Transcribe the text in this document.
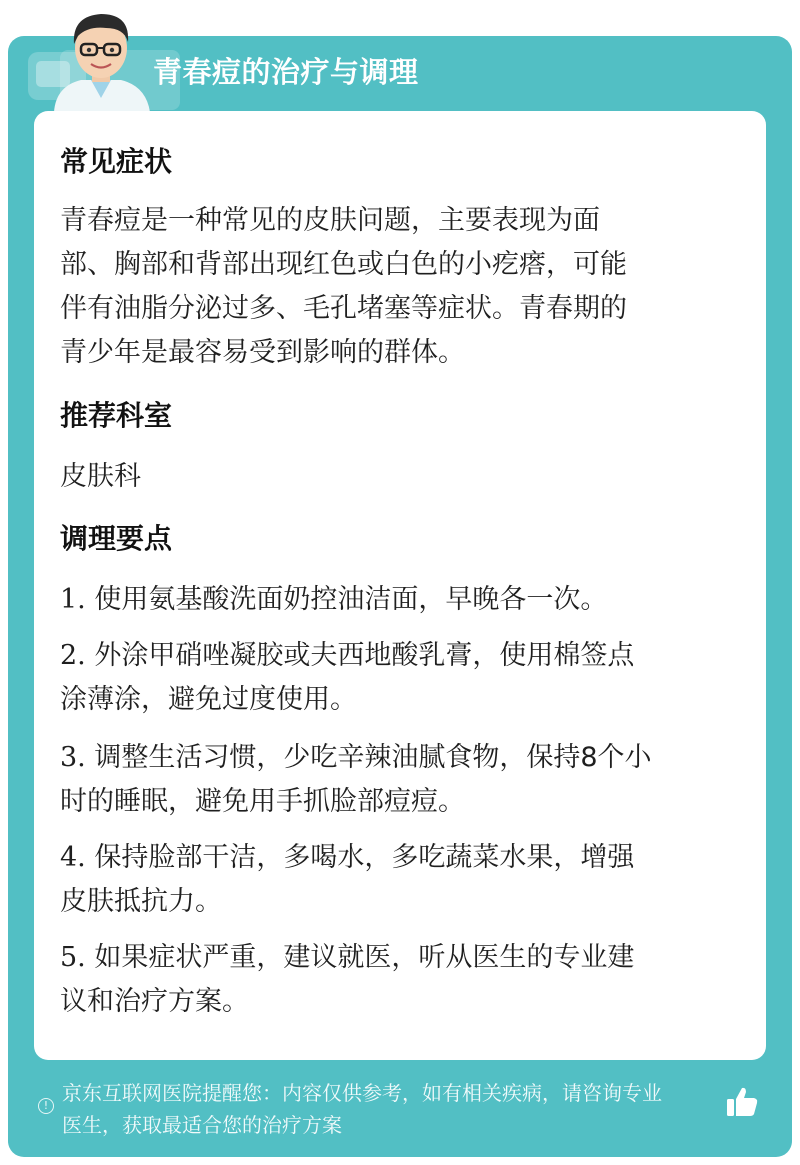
青春痘的治疗与调理
常见症状
青春痘是一种常见的皮肤问题，主要表现为面
部、胸部和背部出现红色或白色的小疙瘩，可能
伴有油脂分泌过多、毛孔堵塞等症状。青春期的
青少年是最容易受到影响的群体。
推荐科室
皮肤科
调理要点
1. 使用氨基酸洗面奶控油洁面，早晚各一次。
2. 外涂甲硝唑凝胶或夫西地酸乳膏，使用棉签点
涂薄涂，避免过度使用。
3. 调整生活习惯，少吃辛辣油腻食物，保持8个小
时的睡眠，避免用手抓脸部痘痘。
4. 保持脸部干洁，多喝水，多吃蔬菜水果，增强
皮肤抵抗力。
5. 如果症状严重，建议就医，听从医生的专业建
议和治疗方案。
!
京东互联网医院提醒您：内容仅供参考，如有相关疾病，请咨询专业
医生，获取最适合您的治疗方案
